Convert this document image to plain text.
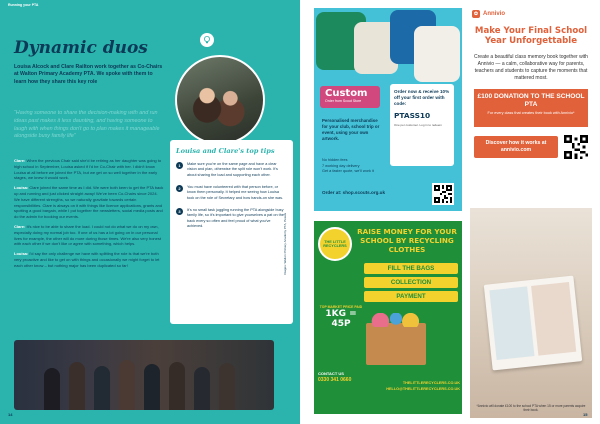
Running your PTA
Dynamic duos
Louisa Alcock and Clare Railton work together as Co-Chairs at Walton Primary Academy PTA. We spoke with them to learn how they share this key role
“Having someone to share the decision-making with and run ideas past makes it less daunting, and having someone to laugh with when things don't go to plan makes it manageable alongside busy family life”

Clare: When the previous Chair said she'd be retiring as her daughter was going to high school in September, Louisa asked if I'd be Co-Chair with her. I didn't know Louisa at all before we joined the PTA, but we get on so well together in the early stages, we knew it would work.

Louisa: Clare joined the same time as I did. We were both keen to get the PTA back up and running and just clicked straight away! We've been Co-Chairs since 2024. We have different strengths, so we naturally gravitate towards certain responsibilities. Clare is always on it with things like licence applications, grants and spotting a good bargain, while I put together the newsletters, social media posts and do the admin for booking our events.

Clare: It's nice to be able to share the load. I could not do what we do on my own, especially doing my normal job too. If one of us has a lot going on in our personal lives for example, the other will do more during those times. We're also very honest with each other if we don't like or agree with something, which helps.

Louisa: I'd say the only challenge we have with splitting the role is that we're both very proactive and like to get on with things and occasionally we might forget to let each other know – but nothing major has been duplicated so far!

Louisa and Clare's top tips
1	Make sure you're on the same page and have a clear vision and plan, otherwise the split role won't work. It's about sharing the load and supporting each other.
2	You must have volunteered with that person before, or know them personally. It helped me seeing how Louisa took on the role of Secretary and how hands-on she was.
3	It's no small task juggling running the PTA alongside busy family life, so it's important to give yourselves a pat on the back every so often and feel proud of what you've achieved.	Images: Walton Primary Academy PTA, Pexels
14
Custom
Order from Scout Store
Personalised merchandise for your club, school trip or event, using your own artwork.
No hidden fees
7 working day delivery
Get a faster quote, we'll work it
Order now & receive 10% off your first order with code:
PTASS10
One per customer. Log in to redeem
Order at: shop.scouts.org.uk
THE LITTLE RECYCLERS
RAISE MONEY FOR YOUR SCHOOL BY RECYCLING CLOTHES
FILL THE BAGS
COLLECTION
PAYMENT
TOP MARKET PRICE PAID
1KG = 45P
CONTACT US
0330 341 0660
THELITTLERECYCLERS.CO.UK
HELLO@THELITTLERECYCLERS.CO.UK
✿ Annivio
Make Your Final School Year Unforgettable
Create a beautiful class memory book together with Annivio — a calm, collaborative way for parents, teachers and students to capture the moments that mattered most.
£100 DONATION TO THE SCHOOL PTA
For every class that creates their book with Annivio*
Discover how it works at annivio.com
*Annivio will donate £100 to the school PTA when 15 or more parents acquire their book.
15
